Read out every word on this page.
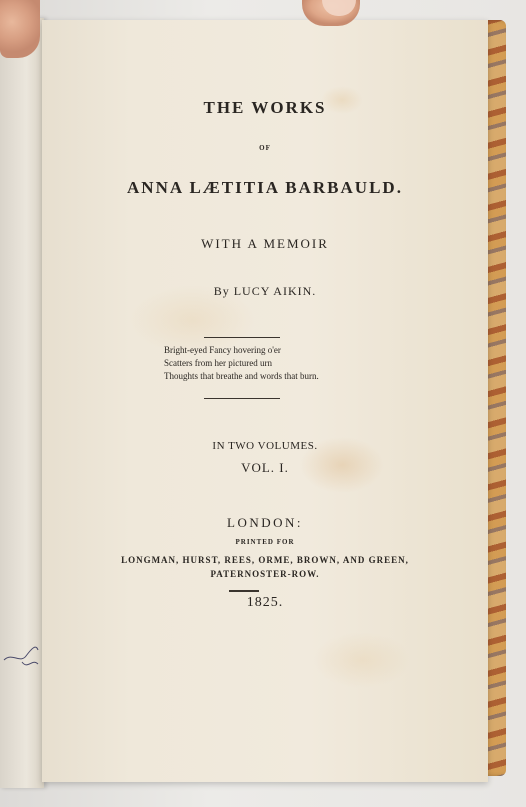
THE WORKS
OF
ANNA LÆTITIA BARBAULD.
WITH A MEMOIR
By LUCY AIKIN.
Bright-eyed Fancy hovering o'er
Scatters from her pictured urn
Thoughts that breathe and words that burn.
IN TWO VOLUMES.
VOL. I.
LONDON:
PRINTED FOR
LONGMAN, HURST, REES, ORME, BROWN, AND GREEN,
PATERNOSTER-ROW.
1825.
